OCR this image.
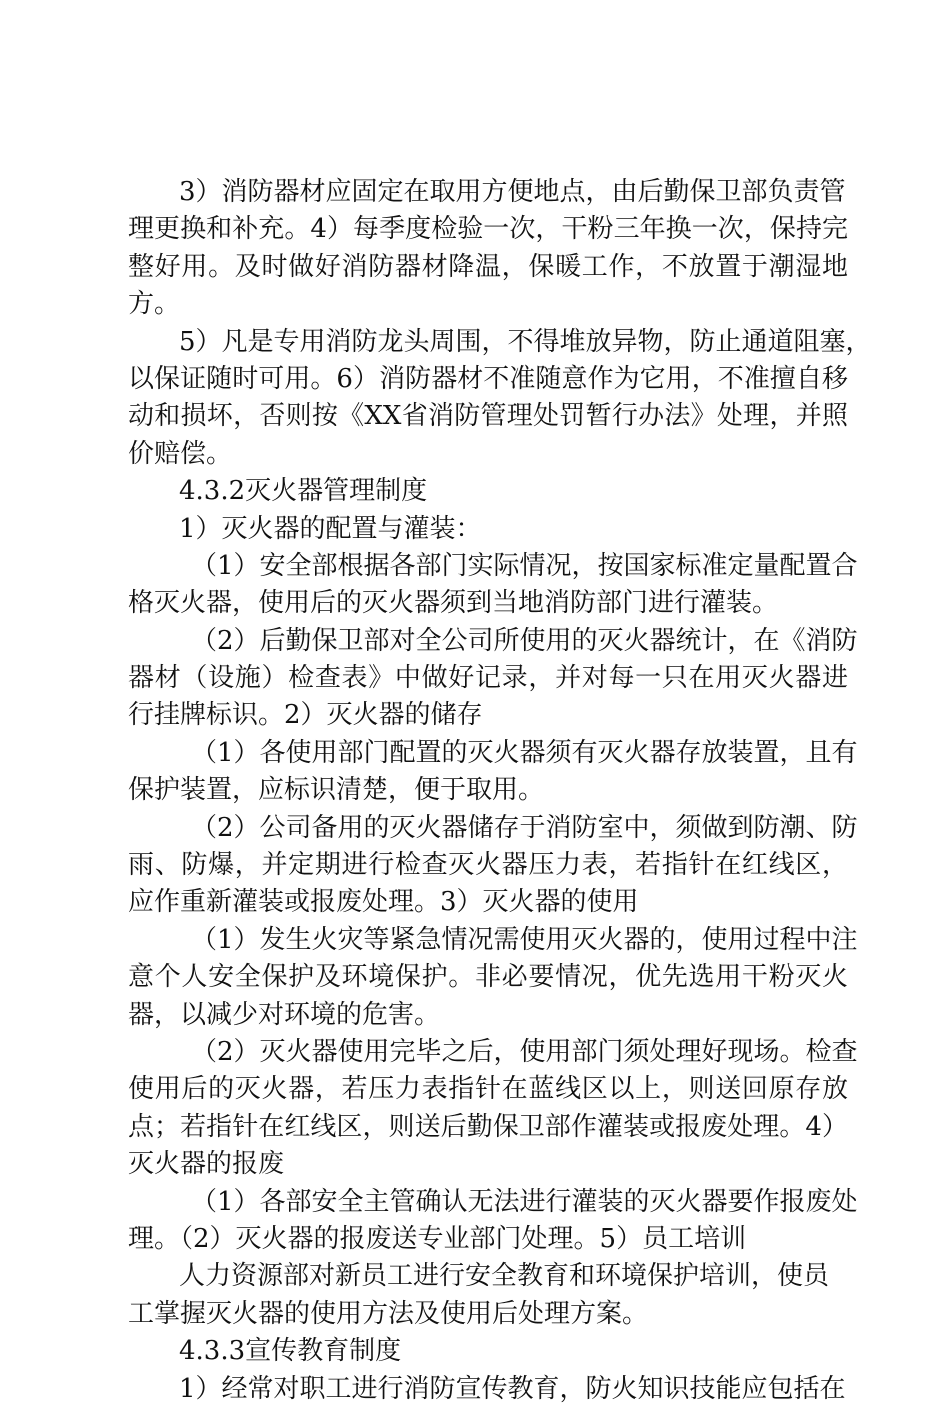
3）消防器材应固定在取用方便地点，由后勤保卫部负责管
理更换和补充。4）每季度检验一次，干粉三年换一次，保持完
整好用。及时做好消防器材降温，保暖工作，不放置于潮湿地
方。
5）凡是专用消防龙头周围，不得堆放异物，防止通道阻塞，
以保证随时可用。6）消防器材不准随意作为它用，不准擅自移
动和损坏，否则按《XX省消防管理处罚暂行办法》处理，并照
价赔偿。
4.3.2灭火器管理制度
1）灭火器的配置与灌装：
（1）安全部根据各部门实际情况，按国家标准定量配置合
格灭火器，使用后的灭火器须到当地消防部门进行灌装。
（2）后勤保卫部对全公司所使用的灭火器统计，在《消防
器材（设施）检查表》中做好记录，并对每一只在用灭火器进
行挂牌标识。2）灭火器的储存
（1）各使用部门配置的灭火器须有灭火器存放装置，且有
保护装置，应标识清楚，便于取用。
（2）公司备用的灭火器储存于消防室中，须做到防潮、防
雨、防爆，并定期进行检查灭火器压力表，若指针在红线区，
应作重新灌装或报废处理。3）灭火器的使用
（1）发生火灾等紧急情况需使用灭火器的，使用过程中注
意个人安全保护及环境保护。非必要情况，优先选用干粉灭火
器，以减少对环境的危害。
（2）灭火器使用完毕之后，使用部门须处理好现场。检查
使用后的灭火器，若压力表指针在蓝线区以上，则送回原存放
点；若指针在红线区，则送后勤保卫部作灌装或报废处理。4）
灭火器的报废
（1）各部安全主管确认无法进行灌装的灭火器要作报废处
理。（2）灭火器的报废送专业部门处理。5）员工培训
人力资源部对新员工进行安全教育和环境保护培训，使员
工掌握灭火器的使用方法及使用后处理方案。
4.3.3宣传教育制度
1）经常对职工进行消防宣传教育，防火知识技能应包括在
